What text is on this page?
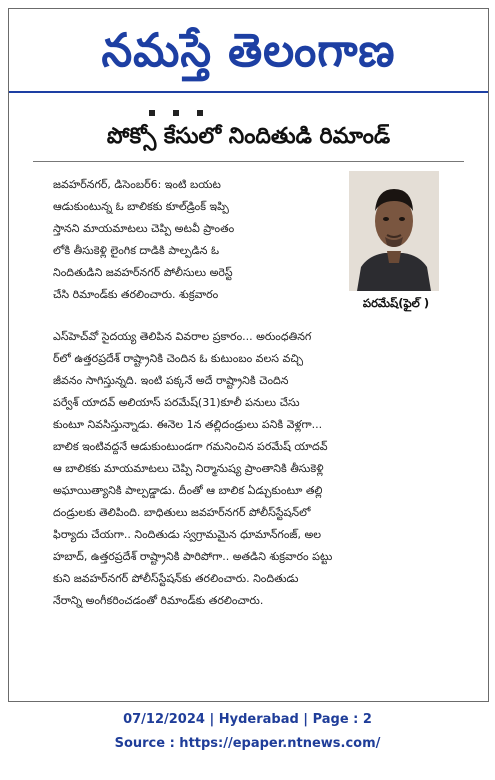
నమస్తే తెలంగాణ
పోక్సో కేసులో నిందితుడి రిమాండ్
పరమేష్(ఫైల్ )
జవహర్‌నగర్, డిసెంబర్6: ఇంటి బయట
ఆడుకుంటున్న ఓ బాలికకు కూల్‌డ్రింక్ ఇప్పి
స్తానని మాయమాటలు చెప్పి అటవీ ప్రాంతం
లోకి తీసుకెళ్లి లైంగిక దాడికి పాల్పడిన ఓ
నిందితుడిని జవహర్‌నగర్ పోలీసులు అరెస్ట్
చేసి రిమాండ్‌కు తరలించారు. శుక్రవారం
ఎస్‌హెచ్‌వో సైదయ్య తెలిపిన వివరాల ప్రకారం... అరుంధతినగ
ర్‌లో ఉత్తరప్రదేశ్ రాష్ట్రానికి చెందిన ఓ కుటుంబం వలస వచ్చి
జీవనం సాగిస్తున్నది. ఇంటి పక్కనే అదే రాష్ట్రానికి చెందిన
పర్వేశ్ యాదవ్ అలియాస్ పరమేష్(31)కూలీ పనులు చేసు
కుంటూ నివసిస్తున్నాడు. ఈనెల 1న తల్లిదండ్రులు పనికి వెళ్లగా...
బాలిక ఇంటివద్దనే ఆడుకుంటుండగా గమనించిన పరమేష్ యాదవ్
ఆ బాలికకు మాయమాటలు చెప్పి నిర్మానుష్య ప్రాంతానికి తీసుకెళ్లి
అఘాయిత్యానికి పాల్పడ్డాడు. దీంతో ఆ బాలిక ఏడ్చుకుంటూ తల్లి
దండ్రులకు తెలిపింది. బాధితులు జవహర్‌నగర్ పోలీస్‌స్టేషన్‌లో
ఫిర్యాదు చేయగా.. నిందితుడు స్వగ్రామమైన ధూమాన్‌గంజ్, అల
హబాద్, ఉత్తరప్రదేశ్ రాష్ట్రానికి పారిపోగా.. అతడిని శుక్రవారం పట్టు
కుని జవహర్‌నగర్ పోలీస్‌స్టేషన్‌కు తరలించారు. నిందితుడు
నేరాన్ని అంగీకరించడంతో రిమాండ్‌కు తరలించారు.
07/12/2024 | Hyderabad | Page : 2
Source : https://epaper.ntnews.com/
